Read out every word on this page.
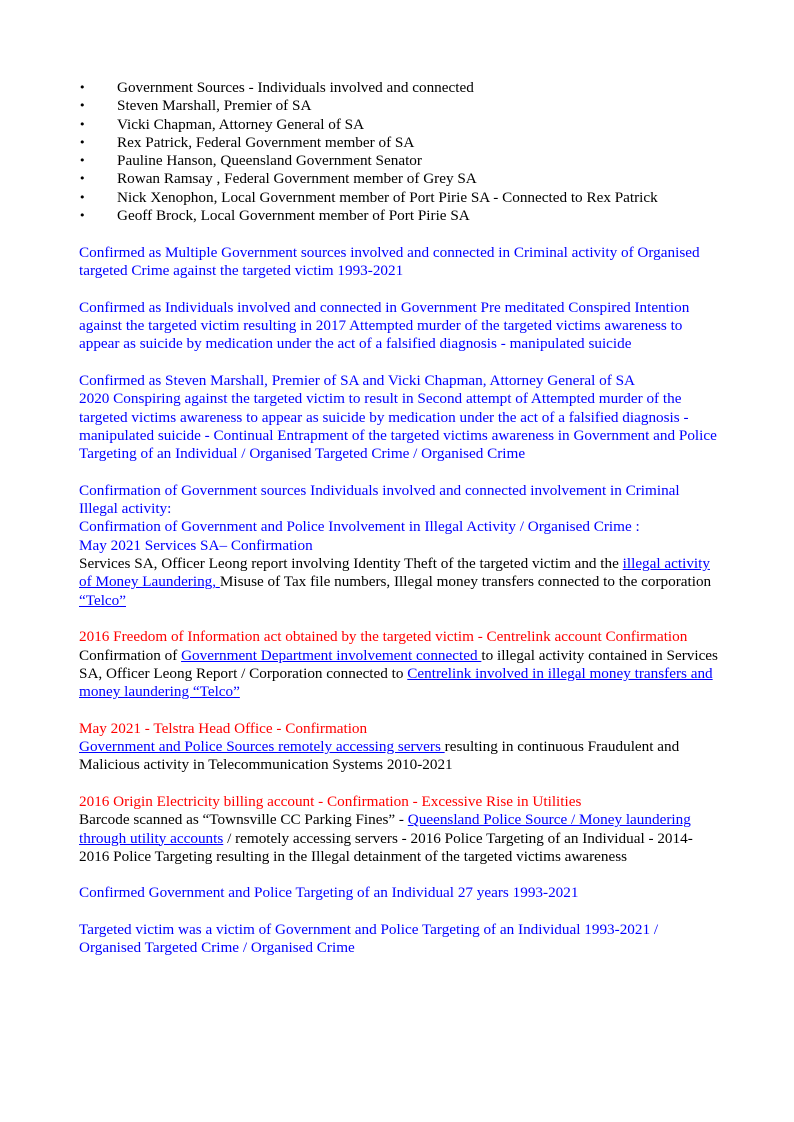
• Government Sources - Individuals involved and connected
• Steven Marshall, Premier of SA
• Vicki Chapman, Attorney General of SA
• Rex Patrick, Federal Government member of SA
• Pauline Hanson, Queensland Government Senator
• Rowan Ramsay , Federal Government member of Grey SA
• Nick Xenophon, Local Government member of Port Pirie SA - Connected to Rex Patrick
• Geoff Brock, Local Government member of Port Pirie SA

Confirmed as Multiple Government sources involved and connected in Criminal activity of Organised targeted Crime against the targeted victim 1993-2021

Confirmed as Individuals involved and connected in Government Pre meditated Conspired Intention against the targeted victim resulting in 2017 Attempted murder of the targeted victims awareness to appear as suicide by medication under the act of a falsified diagnosis - manipulated suicide

Confirmed as Steven Marshall, Premier of SA and Vicki Chapman, Attorney General of SA
2020 Conspiring against the targeted victim to result in Second attempt of Attempted murder of the targeted victims awareness to appear as suicide by medication under the act of a falsified diagnosis - manipulated suicide - Continual Entrapment of the targeted victims awareness in Government and Police Targeting of an Individual / Organised Targeted Crime / Organised Crime

Confirmation of Government sources Individuals involved and connected involvement in Criminal Illegal activity:
Confirmation of Government and Police Involvement in Illegal Activity / Organised Crime :
May 2021 Services SA– Confirmation
Services SA, Officer Leong report involving Identity Theft of the targeted victim and the illegal activity of Money Laundering, Misuse of Tax file numbers, Illegal money transfers connected to the corporation “Telco”

2016 Freedom of Information act obtained by the targeted victim - Centrelink account Confirmation
Confirmation of Government Department involvement connected to illegal activity contained in Services SA, Officer Leong Report / Corporation connected to Centrelink involved in illegal money transfers and money laundering “Telco”

May 2021 - Telstra Head Office - Confirmation
Government and Police Sources remotely accessing servers resulting in continuous Fraudulent and Malicious activity in Telecommunication Systems 2010-2021

2016 Origin Electricity billing account - Confirmation - Excessive Rise in Utilities
Barcode scanned as “Townsville CC Parking Fines” - Queensland Police Source / Money laundering through utility accounts / remotely accessing servers - 2016 Police Targeting of an Individual - 2014-2016 Police Targeting resulting in the Illegal detainment of the targeted victims awareness

Confirmed Government and Police Targeting of an Individual 27 years 1993-2021

Targeted victim was a victim of Government and Police Targeting of an Individual 1993-2021 / Organised Targeted Crime / Organised Crime
